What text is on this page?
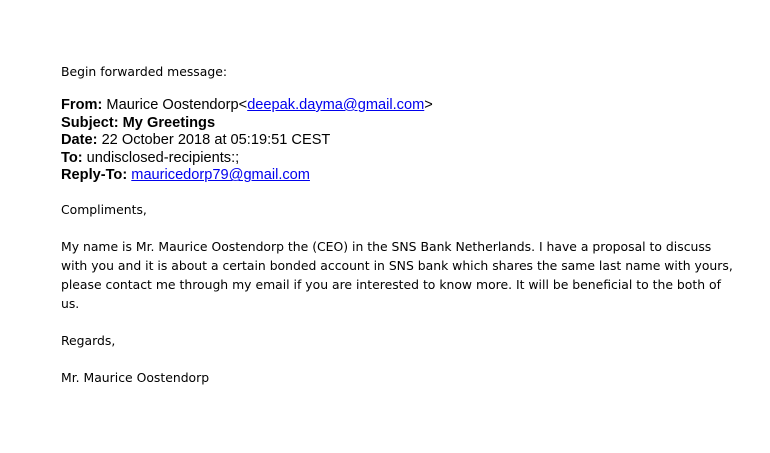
Begin forwarded message:
From: Maurice Oostendorp<deepak.dayma@gmail.com>
Subject: My Greetings
Date: 22 October 2018 at 05:19:51 CEST
To: undisclosed-recipients:;
Reply-To: mauricedorp79@gmail.com
Compliments,
My name is Mr. Maurice Oostendorp the (CEO) in the SNS Bank Netherlands. I have a proposal to discuss
with you and it is about a certain bonded account in SNS bank which shares the same last name with yours,
please contact me through my email if you are interested to know more. It will be beneficial to the both of
us.
Regards,
Mr. Maurice Oostendorp
